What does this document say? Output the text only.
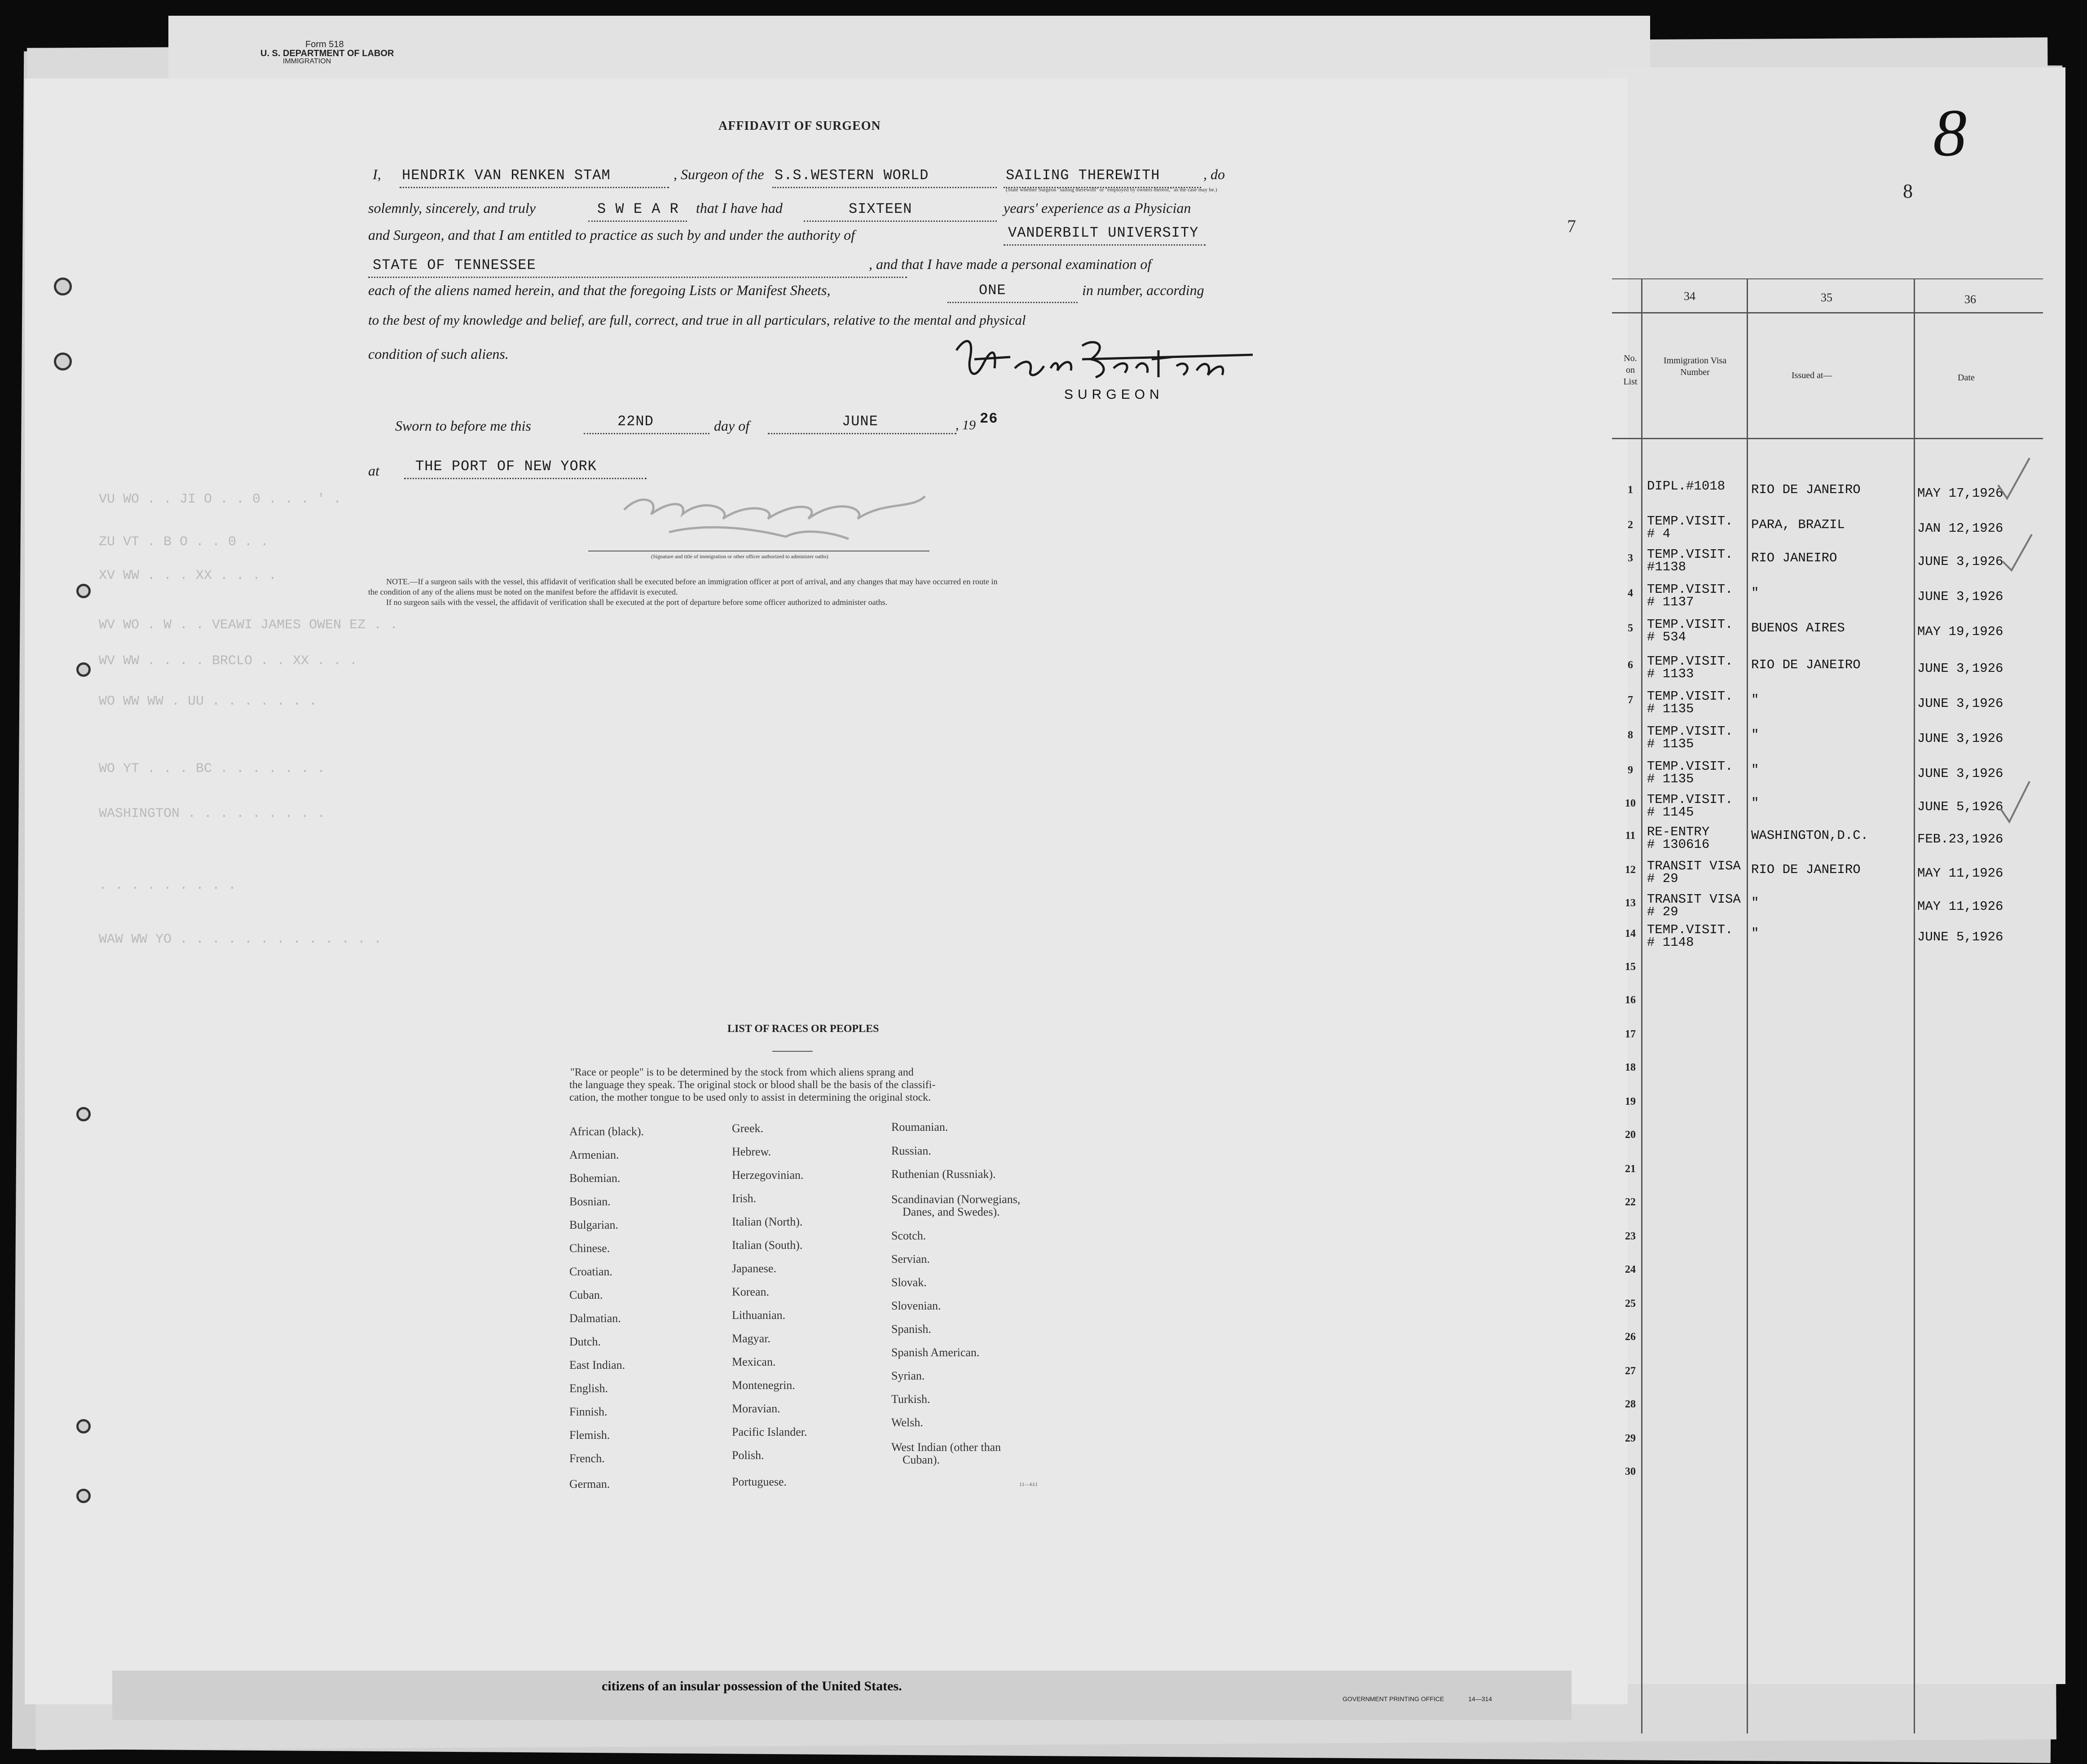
Form 518
U. S. DEPARTMENT OF LABOR
IMMIGRATION
citizens of an insular possession of the United States.
GOVERNMENT PRINTING OFFICE	14—314
AFFIDAVIT OF SURGEON
I, HENDRIK VAN RENKEN STAM	, Surgeon of the S.S.WESTERN WORLD	SAILING THEREWITH	, do
(State whether Surgeon "sailing therewith" or "employed by owners thereof," as the case may be.)
solemnly, sincerely, and truly	S W E A R that I have had	SIXTEEN	years' experience as a Physician
and Surgeon, and that I am entitled to practice as such by and under the authority of	VANDERBILT UNIVERSITY
STATE OF TENNESSEE	, and that I have made a personal examination of
each of the aliens named herein, and that the foregoing Lists or Manifest Sheets,	ONE	in number, according
to the best of my knowledge and belief, are full, correct, and true in all particulars, relative to the mental and physical
condition of such aliens.
SURGEON
Sworn to before me this	22ND	day of	JUNE	, 19 26
at	THE PORT OF NEW YORK
(Signature and title of immigration or other officer authorized to administer oaths)
NOTE.—If a surgeon sails with the vessel, this affidavit of verification shall be executed before an immigration officer at port of arrival, and any changes that may have occurred en route in
the condition of any of the aliens must be noted on the manifest before the affidavit is executed.
If no surgeon sails with the vessel, the affidavit of verification shall be executed at the port of departure before some officer authorized to administer oaths.
VU WO . . JI O . . 0 . . . ' .
ZU VT . B O . . 0 . .
XV WW . . . XX . . . .
WV WO . W . . VEAWI JAMES OWEN EZ . .
WV WW . . . . BRCLO . . XX . . .
WO WW WW . UU . . . . . . .
WO YT . . . BC . . . . . . .
WASHINGTON . . . . . . . . .
. . . . . . . . .
WAW WW YO . . . . . . . . . . . . .
LIST OF RACES OR PEOPLES
"Race or people" is to be determined by the stock from which aliens sprang and
the language they speak. The original stock or blood shall be the basis of the classifi-
cation, the mother tongue to be used only to assist in determining the original stock.
African (black).
Armenian.
Bohemian.
Bosnian.
Bulgarian.
Chinese.
Croatian.
Cuban.
Dalmatian.
Dutch.
East Indian.
English.
Finnish.
Flemish.
French.
German.
Greek.
Hebrew.
Herzegovinian.
Irish.
Italian (North).
Italian (South).
Japanese.
Korean.
Lithuanian.
Magyar.
Mexican.
Montenegrin.
Moravian.
Pacific Islander.
Polish.
Portuguese.
Roumanian.
Russian.
Ruthenian (Russniak).
Scandinavian (Norwegians,
Danes, and Swedes).
Scotch.
Servian.
Slovak.
Slovenian.
Spanish.
Spanish American.
Syrian.
Turkish.
Welsh.
West Indian (other than
Cuban).
11—611
7
8
8
34	35	36
No. on List
Immigration Visa Number	Issued at—	Date
1	DIPL.#1018 RIO DE JANEIRO	MAY 17,1926
2	TEMP.VISIT.
# 4
PARA, BRAZIL	JAN 12,1926
3	TEMP.VISIT.
#1138
RIO JANEIRO	JUNE 3,1926
4	TEMP.VISIT.
# 1137
"	JUNE 3,1926
5	TEMP.VISIT.
# 534
BUENOS AIRES	MAY 19,1926
6	TEMP.VISIT.
# 1133
RIO DE JANEIRO	JUNE 3,1926
7	TEMP.VISIT.
# 1135
"	JUNE 3,1926
8	TEMP.VISIT.
# 1135
"	JUNE 3,1926
9	TEMP.VISIT.
# 1135
"	JUNE 3,1926
10 TEMP.VISIT.
# 1145
"	JUNE 5,1926
11 RE-ENTRY
# 130616
WASHINGTON,D.C.	FEB.23,1926
12 TRANSIT VISA
# 29
RIO DE JANEIRO	MAY 11,1926
13 TRANSIT VISA
# 29
"	MAY 11,1926
14 TEMP.VISIT.
# 1148
"	JUNE 5,1926
15
16
17
18
19
20
21
22
23
24
25
26
27
28
29
30
